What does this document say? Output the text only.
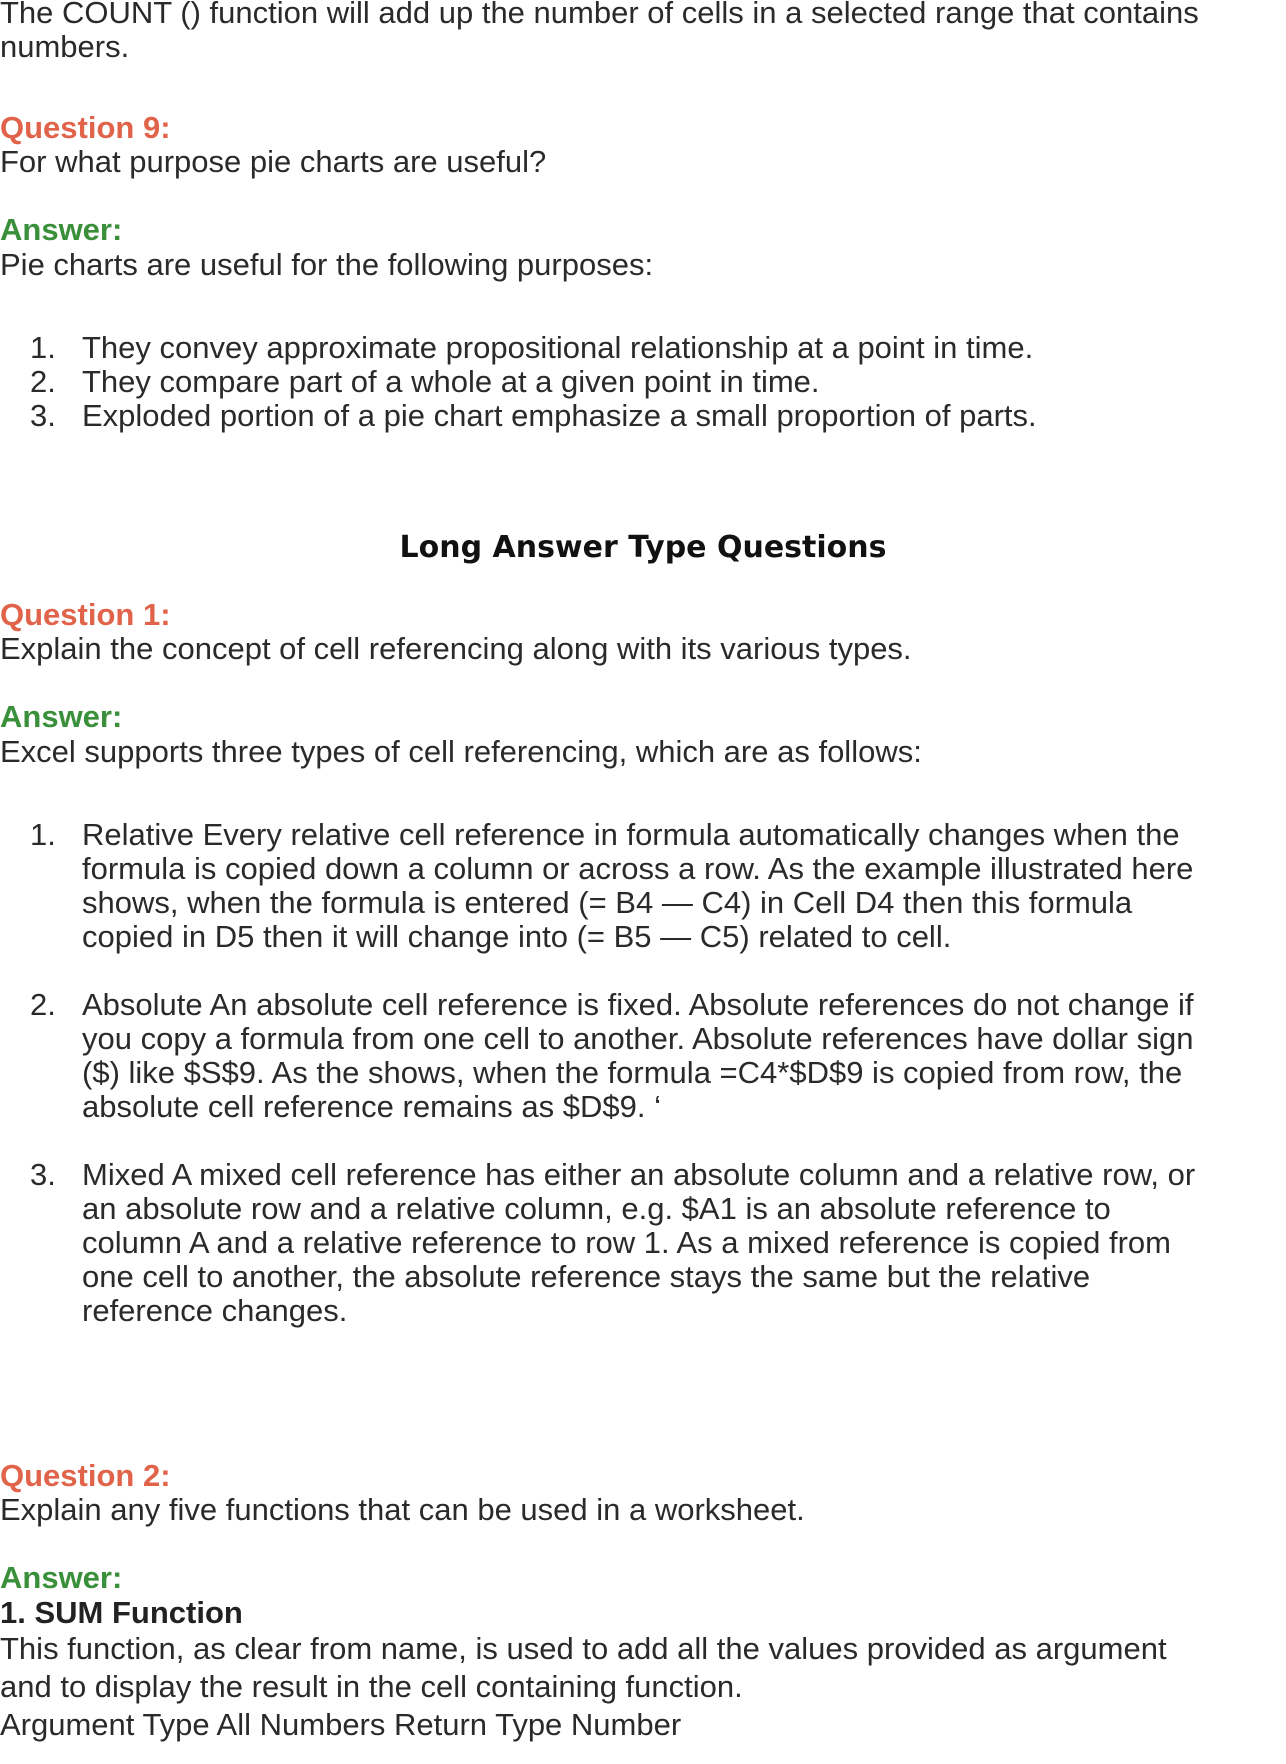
The COUNT () function will add up the number of cells in a selected range that contains

numbers.

Question 9:

For what purpose pie charts are useful?

Answer:

Pie charts are useful for the following purposes:

1. They convey approximate propositional relationship at a point in time.
2. They compare part of a whole at a given point in time.
3. Exploded portion of a pie chart emphasize a small proportion of parts.
Long Answer Type Questions

Question 1:

Explain the concept of cell referencing along with its various types.

Answer:

Excel supports three types of cell referencing, which are as follows:

1. Relative Every relative cell reference in formula automatically changes when the
formula is copied down a column or across a row. As the example illustrated here
shows, when the formula is entered (= B4 — C4) in Cell D4 then this formula
copied in D5 then it will change into (= B5 — C5) related to cell.
2. Absolute An absolute cell reference is fixed. Absolute references do not change if
you copy a formula from one cell to another. Absolute references have dollar sign
($) like $S$9. As the shows, when the formula =C4*$D$9 is copied from row, the
absolute cell reference remains as $D$9. ‘
3. Mixed A mixed cell reference has either an absolute column and a relative row, or
an absolute row and a relative column, e.g. $A1 is an absolute reference to
column A and a relative reference to row 1. As a mixed reference is copied from
one cell to another, the absolute reference stays the same but the relative
reference changes.

Question 2:

Explain any five functions that can be used in a worksheet.

Answer:

1. SUM Function

This function, as clear from name, is used to add all the values provided as argument

and to display the result in the cell containing function.

Argument Type All Numbers Return Type Number
